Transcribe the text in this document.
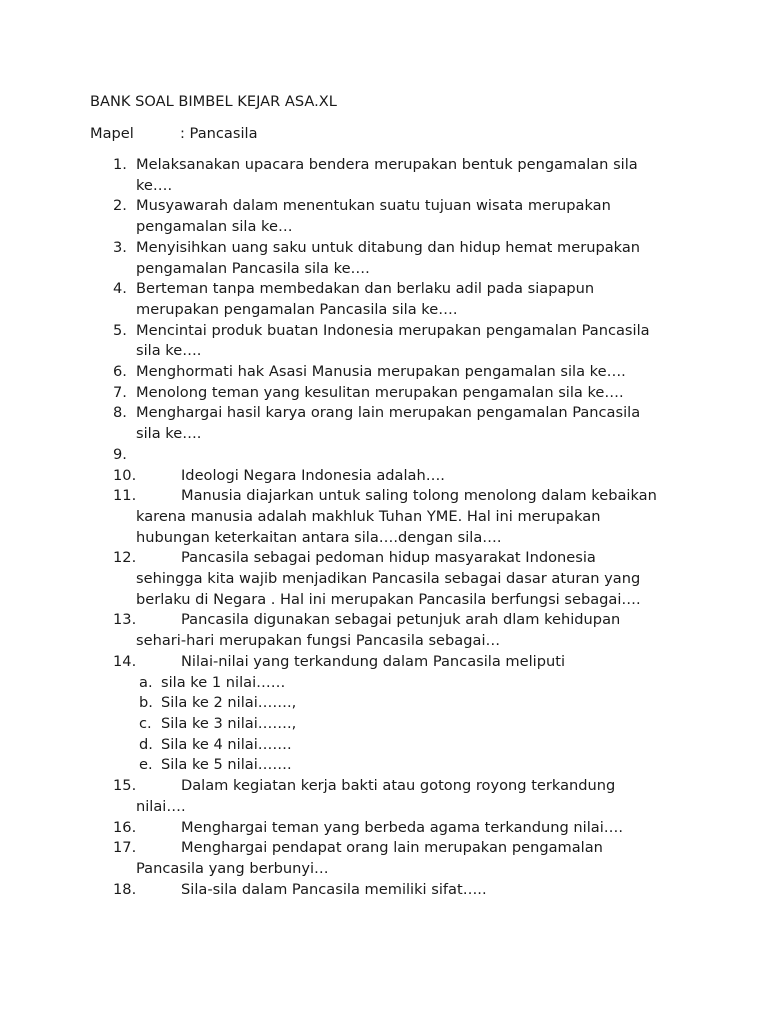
BANK SOAL BIMBEL KEJAR ASA.XL
Mapel	: Pancasila
1. Melaksanakan upacara bendera merupakan bentuk pengamalan sila
ke….
2. Musyawarah dalam menentukan suatu tujuan wisata merupakan
pengamalan sila ke…
3. Menyisihkan uang saku untuk ditabung dan hidup hemat merupakan
pengamalan Pancasila sila ke….
4. Berteman tanpa membedakan dan berlaku adil pada siapapun
merupakan pengamalan Pancasila sila ke….
5. Mencintai produk buatan Indonesia merupakan pengamalan Pancasila
sila ke….
6. Menghormati hak Asasi Manusia merupakan pengamalan sila ke….
7. Menolong teman yang kesulitan merupakan pengamalan sila ke….
8. Menghargai hasil karya orang lain merupakan pengamalan Pancasila
sila ke….
9.

10.	Ideologi Negara Indonesia adalah….
11.	Manusia diajarkan untuk saling tolong menolong dalam kebaikan
karena manusia adalah makhluk Tuhan YME. Hal ini merupakan
hubungan keterkaitan antara sila….dengan sila….
12.	Pancasila sebagai pedoman hidup masyarakat Indonesia
sehingga kita wajib menjadikan Pancasila sebagai dasar aturan yang
berlaku di Negara . Hal ini merupakan Pancasila berfungsi sebagai….
13.	Pancasila digunakan sebagai petunjuk arah dlam kehidupan
sehari-hari merupakan fungsi Pancasila sebagai…
14.	Nilai-nilai yang terkandung dalam Pancasila meliputi
a. sila ke 1 nilai……
b. Sila ke 2 nilai…….,
c. Sila ke 3 nilai…….,
d. Sila ke 4 nilai…….
e. Sila ke 5 nilai…….
15.	Dalam kegiatan kerja bakti atau gotong royong terkandung
nilai….
16.	Menghargai teman yang berbeda agama terkandung nilai….
17.	Menghargai pendapat orang lain merupakan pengamalan
Pancasila yang berbunyi…
18.	Sila-sila dalam Pancasila memiliki sifat…..
